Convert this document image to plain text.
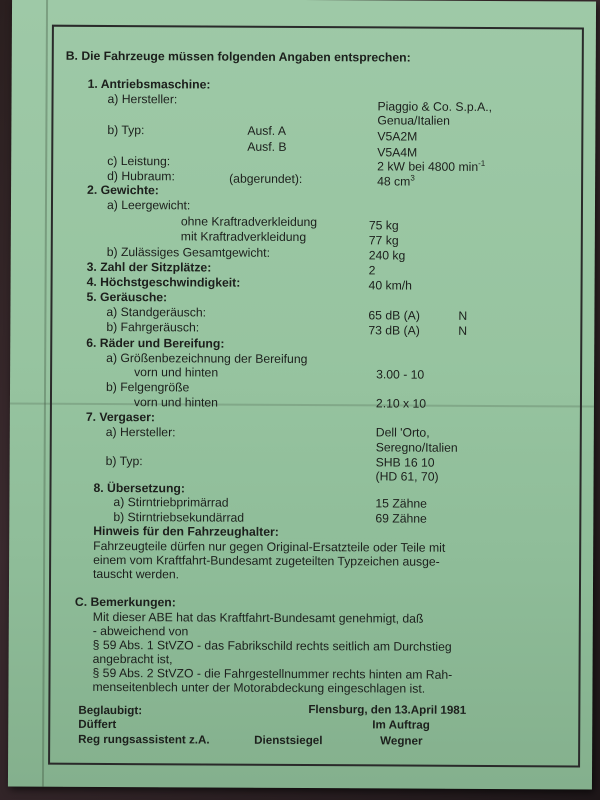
B. Die Fahrzeuge müssen folgenden Angaben entsprechen:
1. Antriebsmaschine:
a) Hersteller:
Piaggio & Co. S.p.A.,
Genua/Italien
b) Typ:	Ausf. A	V5A2M
Ausf. B	V5A4M
c) Leistung:	2 kW bei 4800 $\min^{-1}$
d) Hubraum:	(abgerundet):	48 $cm^3$
2. Gewichte:
a) Leergewicht:
ohne Kraftradverkleidung	75 kg
mit Kraftradverkleidung	77 kg
b) Zulässiges Gesamtgewicht:	240 kg
3. Zahl der Sitzplätze:	2
4. Höchstgeschwindigkeit:	40 km/h
5. Geräusche:
a) Standgeräusch:	65 dB (A)	N
b) Fahrgeräusch:	73 dB (A)	N
6. Räder und Bereifung:
a) Größenbezeichnung der Bereifung
vorn und hinten	3.00 - 10
b) Felgengröße
vorn und hinten	2.10 x 10
7. Vergaser:
a) Hersteller:	Dell 'Orto,
Seregno/Italien
b) Typ:	SHB 16 10
(HD 61, 70)
8. Übersetzung:
a) Stirntriebprimärrad	15 Zähne
b) Stirntriebsekundärrad	69 Zähne
Hinweis für den Fahrzeughalter:
Fahrzeugteile dürfen nur gegen Original-Ersatzteile oder Teile mit
einem vom Kraftfahrt-Bundesamt zugeteilten Typzeichen ausge-
tauscht werden.
C. Bemerkungen:
Mit dieser ABE hat das Kraftfahrt-Bundesamt genehmigt, daß
- abweichend von
§ 59 Abs. 1 StVZO - das Fabrikschild rechts seitlich am Durchstieg
angebracht ist,
§ 59 Abs. 2 StVZO - die Fahrgestellnummer rechts hinten am Rah-
menseitenblech unter der Motorabdeckung eingeschlagen ist.
Beglaubigt:
Düffert
Reg rungsassistent z.A.	Dienstsiegel
Flensburg, den 13.April 1981
Im Auftrag
Wegner
